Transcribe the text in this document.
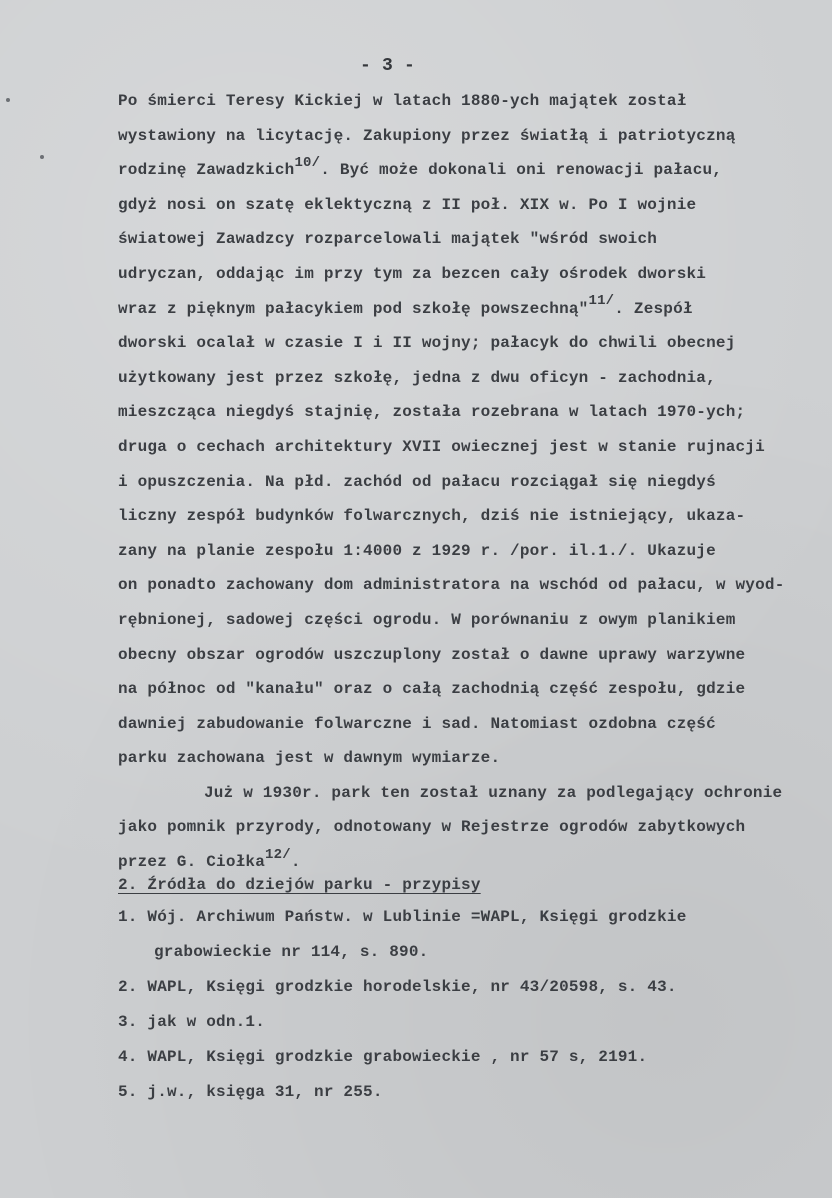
- 3 -
Po śmierci Teresy Kickiej w latach 1880-ych majątek został
wystawiony na licytację. Zakupiony przez światłą i patriotyczną
rodzinę Zawadzkich$^{10/}$. Być może dokonali oni renowacji pałacu,
gdyż nosi on szatę eklektyczną z II poł. XIX w. Po I wojnie
światowej Zawadzcy rozparcelowali majątek "wśród swoich
udryczan, oddając im przy tym za bezcen cały ośrodek dworski
wraz z pięknym pałacykiem pod szkołę powszechną"$^{11/}$. Zespół
dworski ocalał w czasie I i II wojny; pałacyk do chwili obecnej
użytkowany jest przez szkołę, jedna z dwu oficyn - zachodnia,
mieszcząca niegdyś stajnię, została rozebrana w latach 1970-ych;
druga o cechach architektury XVII owiecznej jest w stanie rujnacji
i opuszczenia. Na płd. zachód od pałacu rozciągał się niegdyś
liczny zespół budynków folwarcznych, dziś nie istniejący, ukaza-
zany na planie zespołu 1:4000 z 1929 r. /por. il.1./. Ukazuje
on ponadto zachowany dom administratora na wschód od pałacu, w wyod-
rębnionej, sadowej części ogrodu. W porównaniu z owym planikiem
obecny obszar ogrodów uszczuplony został o dawne uprawy warzywne
na północ od "kanału" oraz o całą zachodnią część zespołu, gdzie
dawniej zabudowanie folwarczne i sad. Natomiast ozdobna część
parku zachowana jest w dawnym wymiarze.
Już w 1930r. park ten został uznany za podlegający ochronie
jako pomnik przyrody, odnotowany w Rejestrze ogrodów zabytkowych
przez G. Ciołka$^{12/}$.
2. Źródła do dziejów parku - przypisy
1. Wój. Archiwum Państw. w Lublinie =WAPL, Księgi grodzkie
grabowieckie nr 114, s. 890.
2. WAPL, Księgi grodzkie horodelskie, nr 43/20598, s. 43.
3. jak w odn.1.
4. WAPL, Księgi grodzkie grabowieckie , nr 57 s, 2191.
5. j.w., księga 31, nr 255.
